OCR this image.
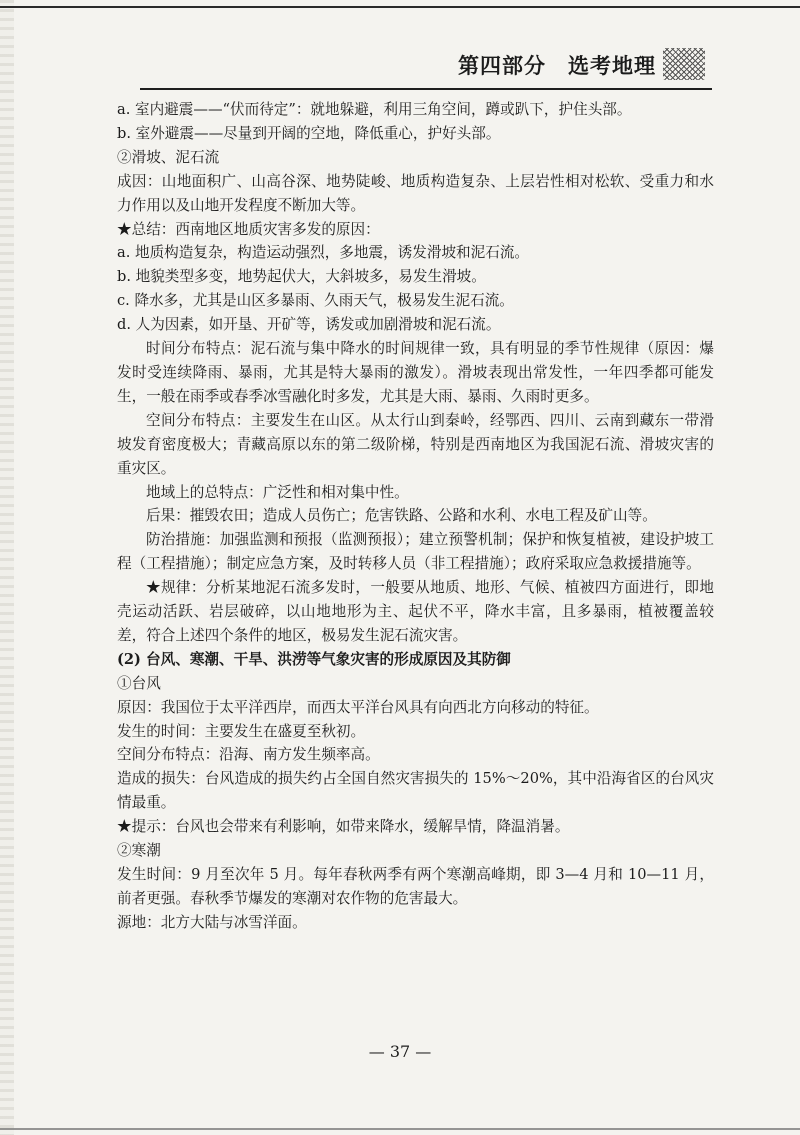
第四部分　选考地理

a. 室内避震——“伏而待定”：就地躲避，利用三角空间，蹲或趴下，护住头部。

b. 室外避震——尽量到开阔的空地，降低重心，护好头部。

②滑坡、泥石流

成因：山地面积广、山高谷深、地势陡峻、地质构造复杂、上层岩性相对松软、受重力和水力作用以及山地开发程度不断加大等。

★总结：西南地区地质灾害多发的原因：

a. 地质构造复杂，构造运动强烈，多地震，诱发滑坡和泥石流。

b. 地貌类型多变，地势起伏大，大斜坡多，易发生滑坡。

c. 降水多，尤其是山区多暴雨、久雨天气，极易发生泥石流。

d. 人为因素，如开垦、开矿等，诱发或加剧滑坡和泥石流。

时间分布特点：泥石流与集中降水的时间规律一致，具有明显的季节性规律（原因：爆发时受连续降雨、暴雨，尤其是特大暴雨的激发）。滑坡表现出常发性，一年四季都可能发生，一般在雨季或春季冰雪融化时多发，尤其是大雨、暴雨、久雨时更多。

空间分布特点：主要发生在山区。从太行山到秦岭，经鄂西、四川、云南到藏东一带滑坡发育密度极大；青藏高原以东的第二级阶梯，特别是西南地区为我国泥石流、滑坡灾害的重灾区。

地域上的总特点：广泛性和相对集中性。

后果：摧毁农田；造成人员伤亡；危害铁路、公路和水利、水电工程及矿山等。

防治措施：加强监测和预报（监测预报）；建立预警机制；保护和恢复植被，建设护坡工程（工程措施）；制定应急方案，及时转移人员（非工程措施）；政府采取应急救援措施等。

★规律：分析某地泥石流多发时，一般要从地质、地形、气候、植被四方面进行，即地壳运动活跃、岩层破碎，以山地地形为主、起伏不平，降水丰富，且多暴雨，植被覆盖较差，符合上述四个条件的地区，极易发生泥石流灾害。

(2) 台风、寒潮、干旱、洪涝等气象灾害的形成原因及其防御

①台风

原因：我国位于太平洋西岸，而西太平洋台风具有向西北方向移动的特征。

发生的时间：主要发生在盛夏至秋初。

空间分布特点：沿海、南方发生频率高。

造成的损失：台风造成的损失约占全国自然灾害损失的 15%～20%，其中沿海省区的台风灾情最重。

★提示：台风也会带来有利影响，如带来降水，缓解旱情，降温消暑。

②寒潮

发生时间：9 月至次年 5 月。每年春秋两季有两个寒潮高峰期，即 3—4 月和 10—11 月，前者更强。春秋季节爆发的寒潮对农作物的危害最大。

源地：北方大陆与冰雪洋面。

— 37 —
